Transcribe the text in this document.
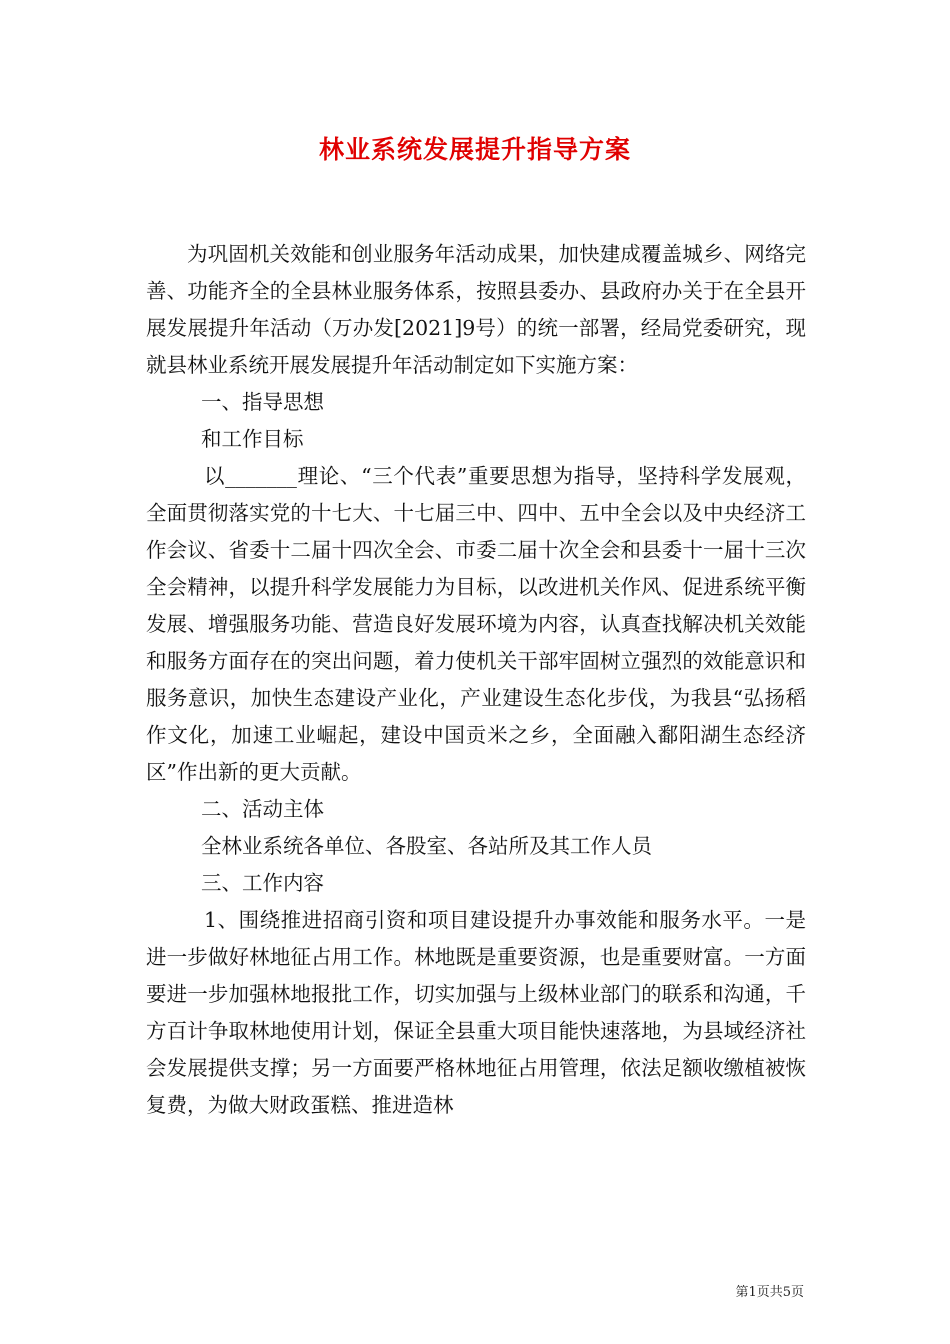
林业系统发展提升指导方案

为巩固机关效能和创业服务年活动成果，加快建成覆盖城乡、网络完善、功能齐全的全县林业服务体系，按照县委办、县政府办关于在全县开展发展提升年活动（万办发[2021]9号）的统一部署，经局党委研究，现就县林业系统开展发展提升年活动制定如下实施方案：

一、指导思想

和工作目标

以_______理论、“三个代表”重要思想为指导，坚持科学发展观，全面贯彻落实党的十七大、十七届三中、四中、五中全会以及中央经济工作会议、省委十二届十四次全会、市委二届十次全会和县委十一届十三次全会精神，以提升科学发展能力为目标，以改进机关作风、促进系统平衡发展、增强服务功能、营造良好发展环境为内容，认真查找解决机关效能和服务方面存在的突出问题，着力使机关干部牢固树立强烈的效能意识和服务意识，加快生态建设产业化，产业建设生态化步伐，为我县“弘扬稻作文化，加速工业崛起，建设中国贡米之乡，全面融入鄱阳湖生态经济区”作出新的更大贡献。

二、活动主体

全林业系统各单位、各股室、各站所及其工作人员

三、工作内容

1、围绕推进招商引资和项目建设提升办事效能和服务水平。一是进一步做好林地征占用工作。林地既是重要资源，也是重要财富。一方面要进一步加强林地报批工作，切实加强与上级林业部门的联系和沟通，千方百计争取林地使用计划，保证全县重大项目能快速落地，为县域经济社会发展提供支撑；另一方面要严格林地征占用管理，依法足额收缴植被恢复费，为做大财政蛋糕、推进造林

第1页共5页
